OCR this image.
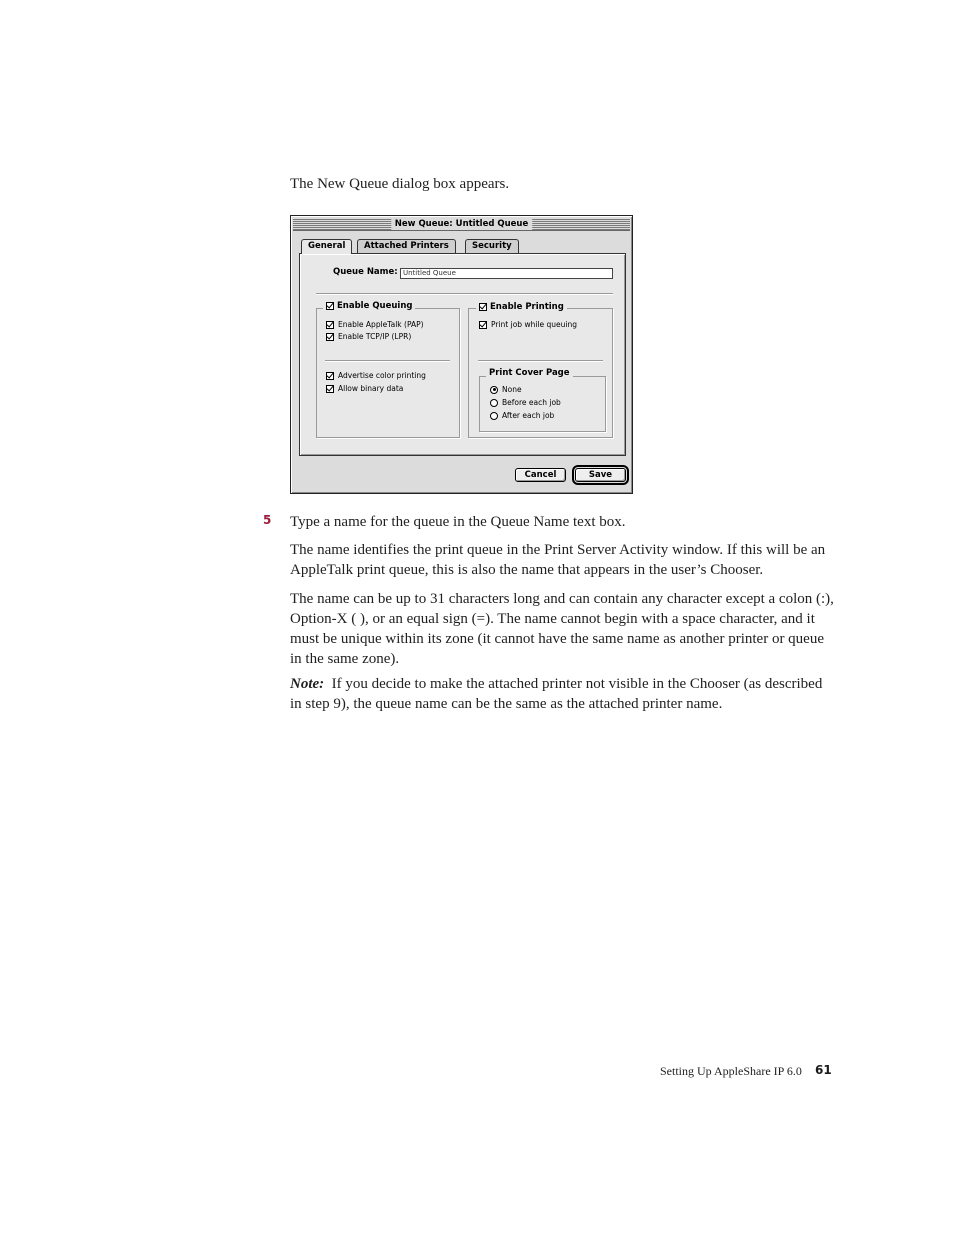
The New Queue dialog box appears.
New Queue: Untitled Queue
General	Attached Printers	Security
Queue Name: Untitled Queue
Enable Queuing
Enable AppleTalk (PAP)
Enable TCP/IP (LPR)
Advertise color printing
Allow binary data
Enable Printing
Print job while queuing
Print Cover Page
None
Before each job
After each job
Cancel	Save
5 Type a name for the queue in the Queue Name text box.
The name identifies the print queue in the Print Server Activity window. If this will be an AppleTalk print queue, this is also the name that appears in the user’s Chooser.
The name can be up to 31 characters long and can contain any character except a colon (:), Option-X ( ), or an equal sign (=). The name cannot begin with a space character, and it must be unique within its zone (it cannot have the same name as another printer or queue in the same zone).
Note: If you decide to make the attached printer not visible in the Chooser (as described in step 9), the queue name can be the same as the attached printer name.
Setting Up AppleShare IP 6.0 61
